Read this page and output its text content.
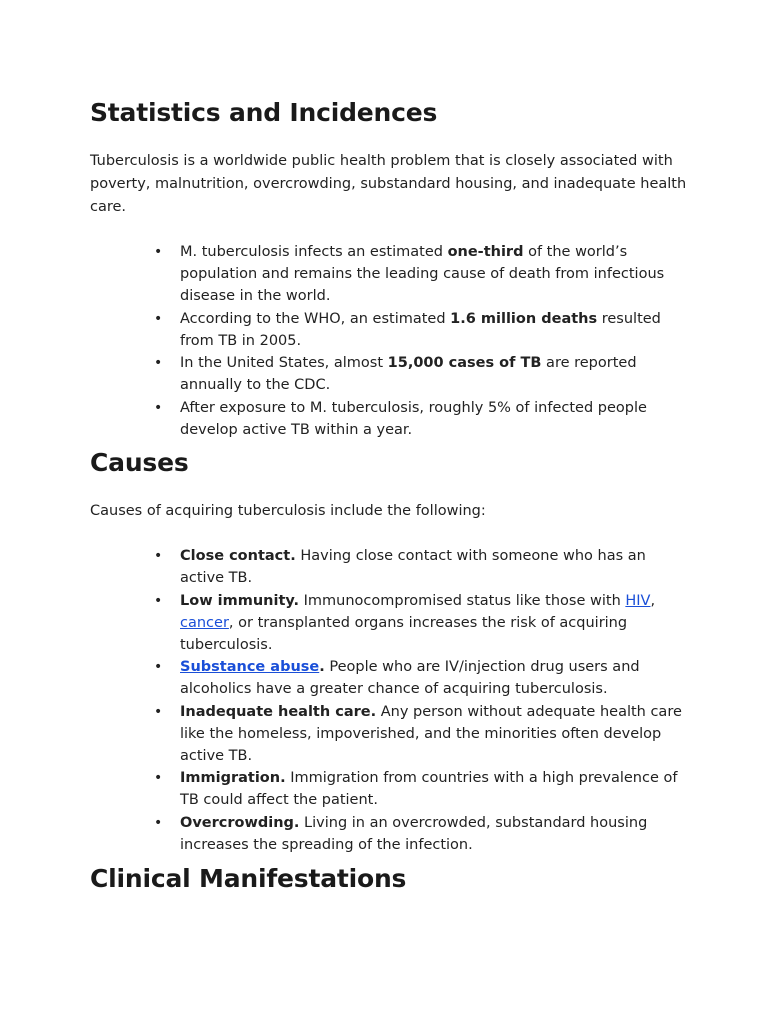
Statistics and Incidences

Tuberculosis is a worldwide public health problem that is closely associated with poverty, malnutrition, overcrowding, substandard housing, and inadequate health care.

• M. tuberculosis infects an estimated one-third of the world’s population and remains the leading cause of death from infectious disease in the world.
• According to the WHO, an estimated 1.6 million deaths resulted from TB in 2005.
• In the United States, almost 15,000 cases of TB are reported annually to the CDC.
• After exposure to M. tuberculosis, roughly 5% of infected people develop active TB within a year.
Causes

Causes of acquiring tuberculosis include the following:

• Close contact. Having close contact with someone who has an active TB.
• Low immunity. Immunocompromised status like those with HIV, cancer, or transplanted organs increases the risk of acquiring tuberculosis.
• Substance abuse. People who are IV/injection drug users and alcoholics have a greater chance of acquiring tuberculosis.
• Inadequate health care. Any person without adequate health care like the homeless, impoverished, and the minorities often develop active TB.
• Immigration. Immigration from countries with a high prevalence of TB could affect the patient.
• Overcrowding. Living in an overcrowded, substandard housing increases the spreading of the infection.
Clinical Manifestations
